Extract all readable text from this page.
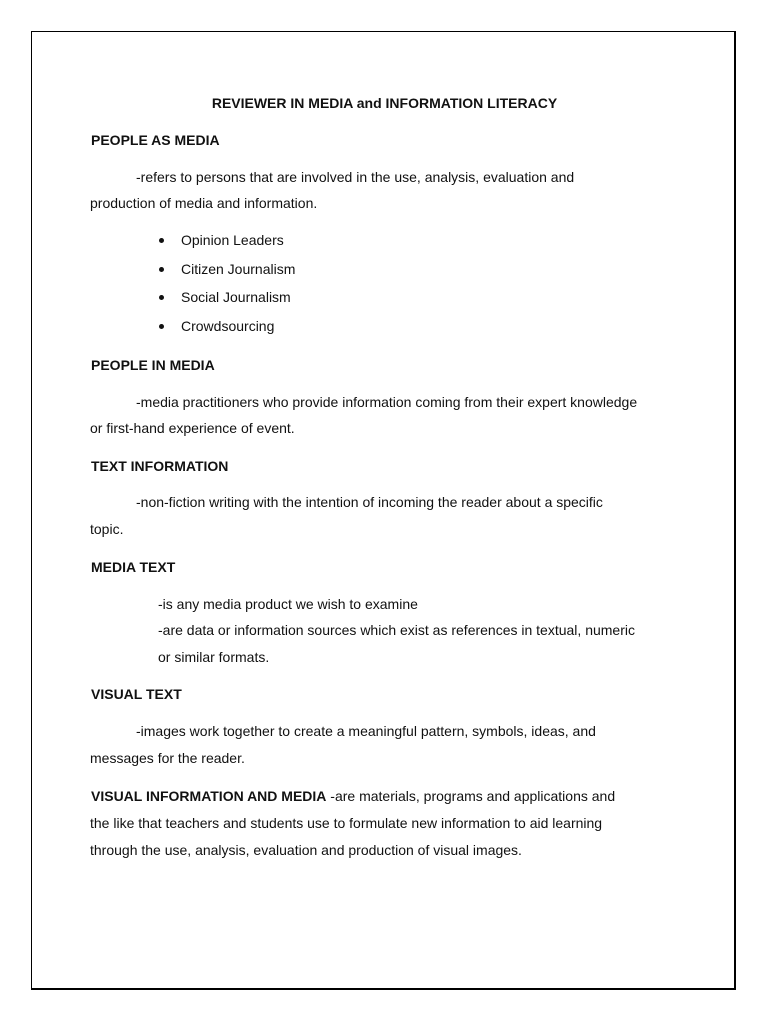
REVIEWER IN MEDIA and INFORMATION LITERACY
PEOPLE AS MEDIA
-refers to persons that are involved in the use, analysis, evaluation and
production of media and information.
Opinion Leaders
Citizen Journalism
Social Journalism
Crowdsourcing
PEOPLE IN MEDIA
-media practitioners who provide information coming from their expert knowledge
or first-hand experience of event.
TEXT INFORMATION
-non-fiction writing with the intention of incoming the reader about a specific
topic.
MEDIA TEXT
-is any media product we wish to examine
-are data or information sources which exist as references in textual, numeric
or similar formats.
VISUAL TEXT
-images work together to create a meaningful pattern, symbols, ideas, and
messages for the reader.
VISUAL INFORMATION AND MEDIA -are materials, programs and applications and
the like that teachers and students use to formulate new information to aid learning
through the use, analysis, evaluation and production of visual images.
